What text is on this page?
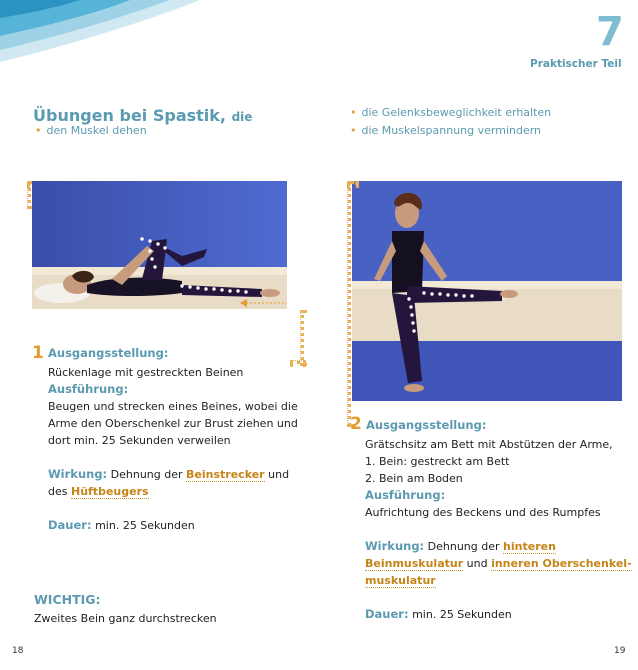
7
Praktischer Teil
Übungen bei Spastik, die
• den Muskel dehen
• die Gelenksbeweglichkeit erhalten
• die Muskelspannung vermindern
1 Ausgangsstellung:
Rückenlage mit gestreckten Beinen
Ausführung:
Beugen und strecken eines Beines, wobei die
Arme den Oberschenkel zur Brust ziehen und
dort min. 25 Sekunden verweilen
Wirkung: Dehnung der Beinstrecker und
des Hüftbeugers
Dauer: min. 25 Sekunden
WICHTIG:
Zweites Bein ganz durchstrecken
2 Ausgangsstellung:
Grätschsitz am Bett mit Abstützen der Arme,
1. Bein: gestreckt am Bett
2. Bein am Boden
Ausführung:
Aufrichtung des Beckens und des Rumpfes
Wirkung: Dehnung der hinteren
Beinmuskulatur und inneren Oberschenkel-
muskulatur
Dauer: min. 25 Sekunden
18	19
